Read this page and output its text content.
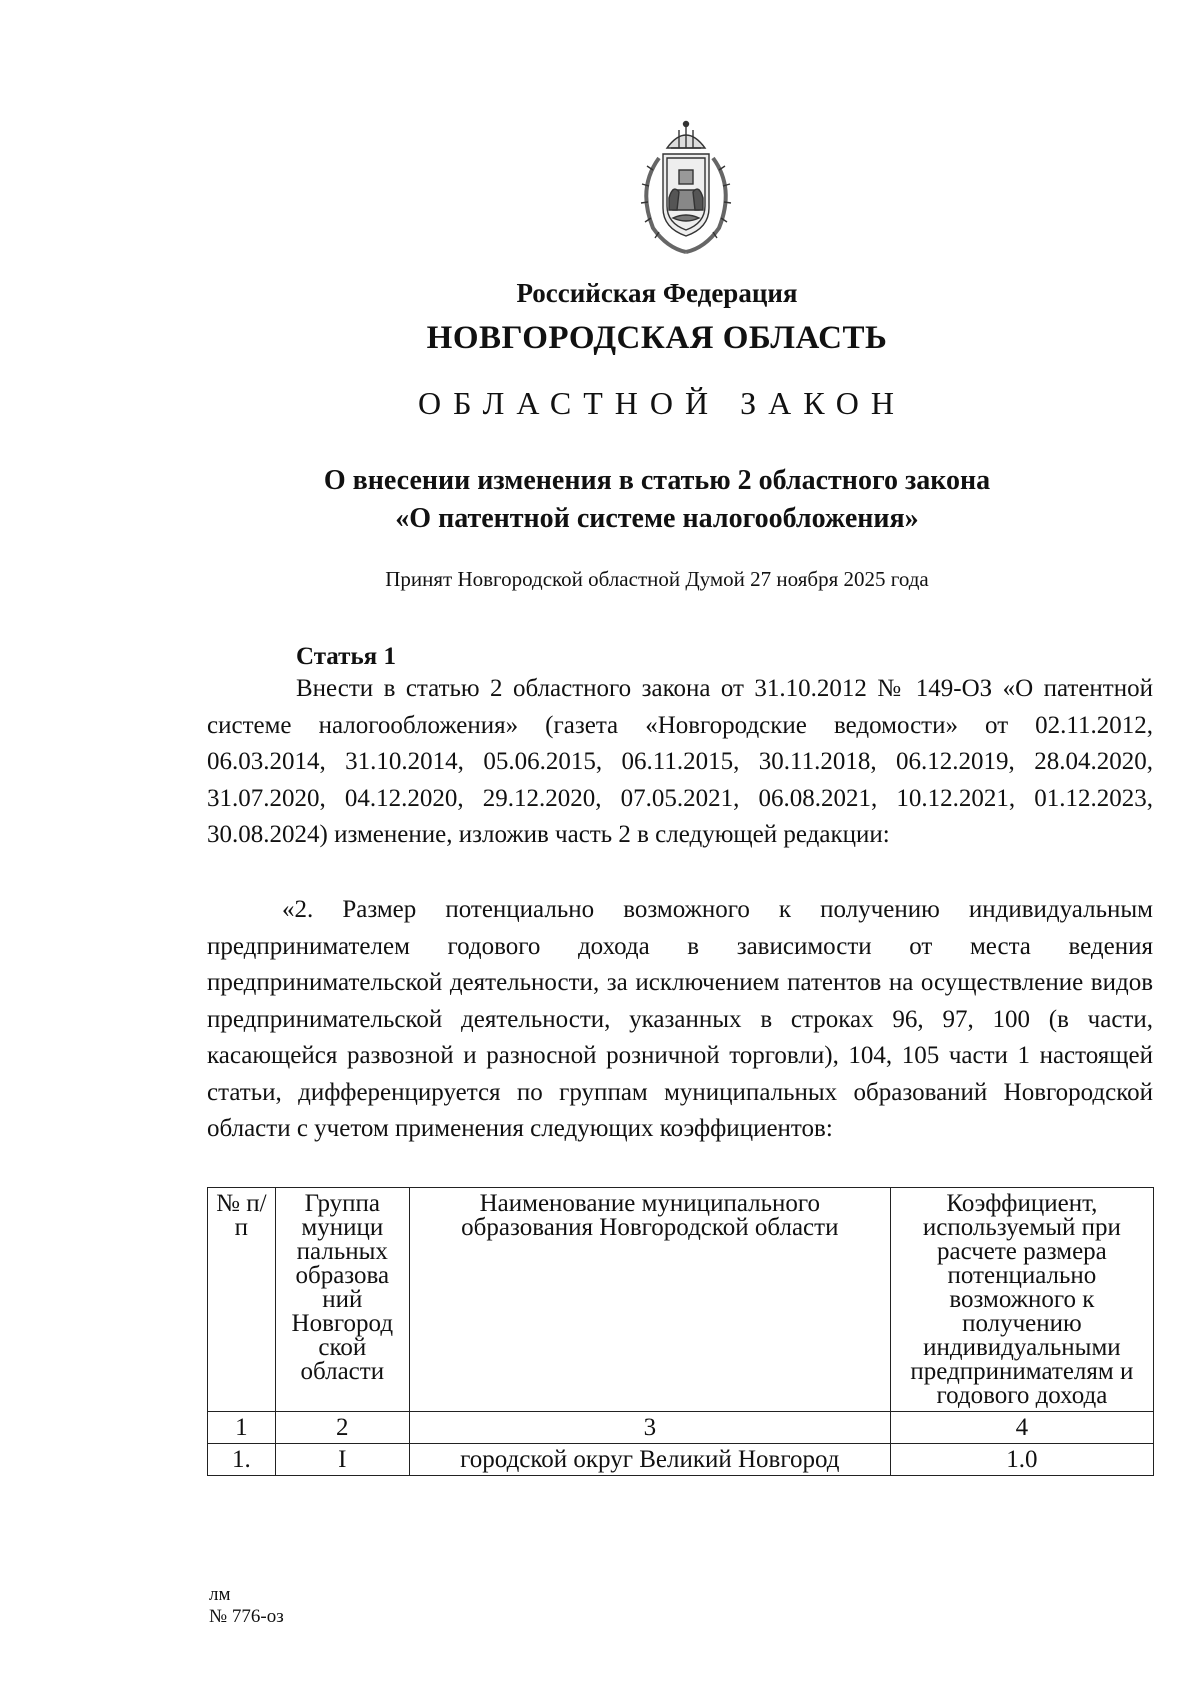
Российская Федерация
НОВГОРОДСКАЯ ОБЛАСТЬ
ОБЛАСТНОЙ ЗАКОН
О внесении изменения в статью 2 областного закона
«О патентной системе налогообложения»
Принят Новгородской областной Думой 27 ноября 2025 года
Статья 1

Внести в статью 2 областного закона от 31.10.2012 № 149-ОЗ «О патентной системе налогообложения» (газета «Новгородские ведомости» от 02.11.2012, 06.03.2014, 31.10.2014, 05.06.2015, 06.11.2015, 30.11.2018, 06.12.2019, 28.04.2020, 31.07.2020, 04.12.2020, 29.12.2020, 07.05.2021, 06.08.2021, 10.12.2021, 01.12.2023, 30.08.2024) изменение, изложив часть 2 в следующей редакции:

«2. Размер потенциально возможного к получению индивидуальным предпринимателем годового дохода в зависимости от места ведения предпринимательской деятельности, за исключением патентов на осуществление видов предпринимательской деятельности, указанных в строках 96, 97, 100 (в части, касающейся развозной и разносной розничной торговли), 104, 105 части 1 настоящей статьи, дифференцируется по группам муниципальных образований Новгородской области с учетом применения следующих коэффициентов:

№ п/п	Группа муници пальных образова ний Новгород ской области	Наименование муниципального образования Новгородской области	Коэффициент, используемый при расчете размера потенциально возможного к получению индивидуальными предпринимателям и годового дохода
1	2	3	4
1.	I	городской округ Великий Новгород	1.0
лм
№ 776-оз
